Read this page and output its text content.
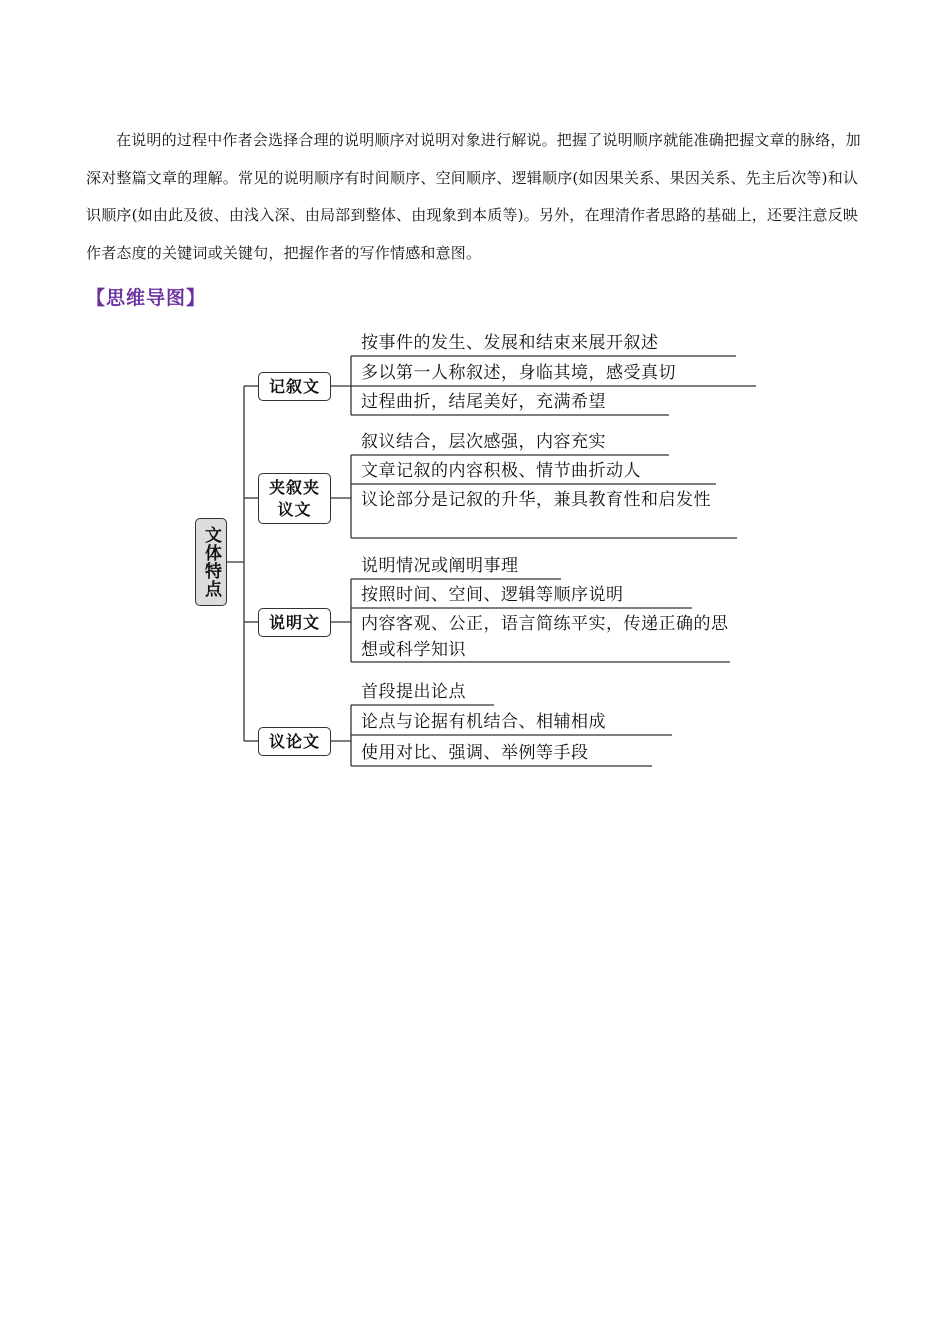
在说明的过程中作者会选择合理的说明顺序对说明对象进行解说。把握了说明顺序就能准确把握文章的脉络，加深对整篇文章的理解。常见的说明顺序有时间顺序、空间顺序、逻辑顺序(如因果关系、果因关系、先主后次等)和认识顺序(如由此及彼、由浅入深、由局部到整体、由现象到本质等)。另外，在理清作者思路的基础上，还要注意反映作者态度的关键词或关键句，把握作者的写作情感和意图。

【思维导图】
文体特点
记叙文
夹叙夹
议文
说明文
议论文
按事件的发生、发展和结束来展开叙述
多以第一人称叙述，身临其境，感受真切
过程曲折，结尾美好，充满希望
叙议结合，层次感强，内容充实
文章记叙的内容积极、情节曲折动人
议论部分是记叙的升华，兼具教育性和启发性
说明情况或阐明事理
按照时间、空间、逻辑等顺序说明
内容客观、公正，语言简练平实，传递正确的思想或科学知识
首段提出论点
论点与论据有机结合、相辅相成
使用对比、强调、举例等手段
